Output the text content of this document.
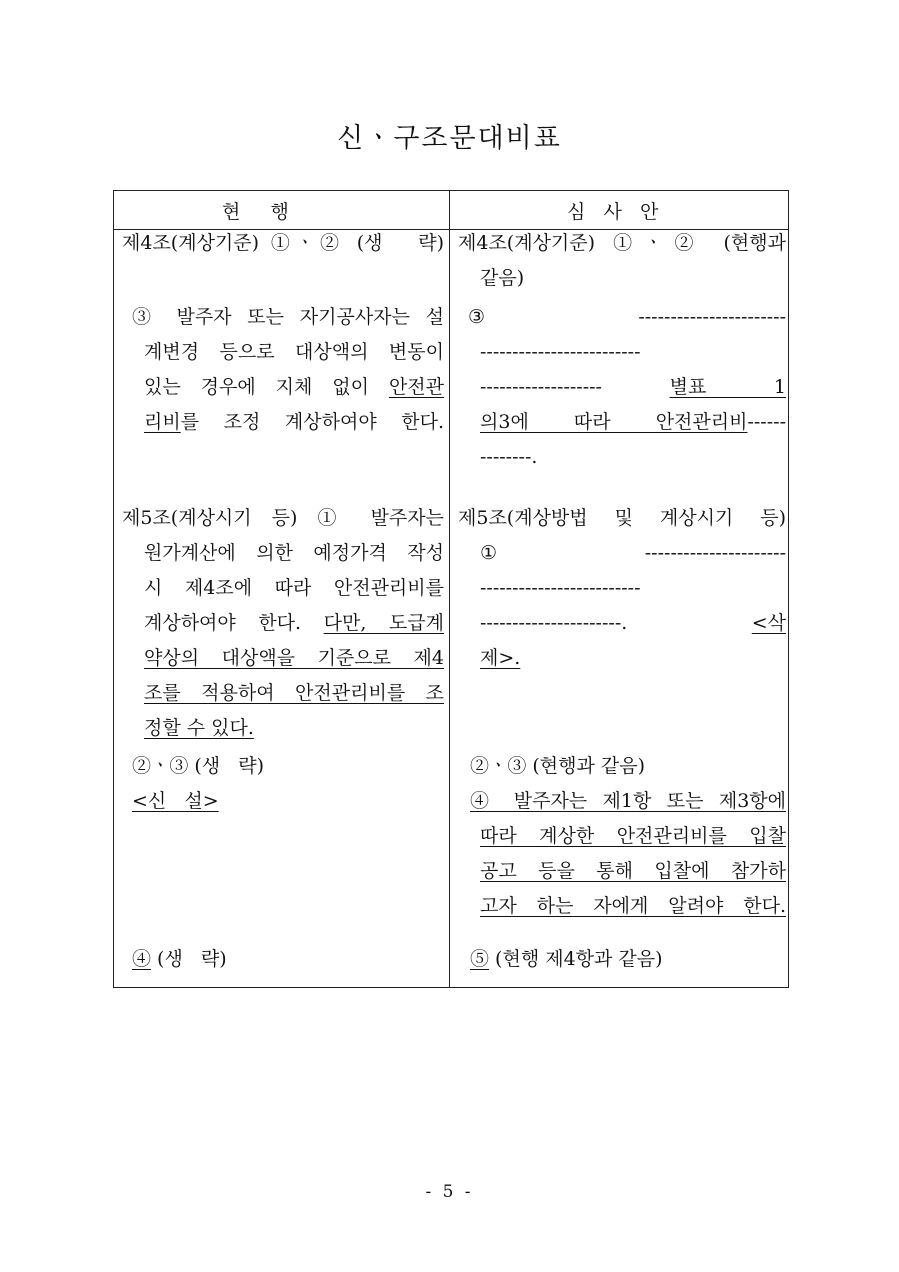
신ㆍ구조문대비표
현     행	심   사   안
제4조(계상기준) ①ㆍ② (생   략)
③ 발주자 또는 자기공사자는 설
계변경 등으로 대상액의 변동이
있는 경우에 지체 없이 안전관
리비를 조정 계상하여야 한다.
제5조(계상시기 등) ① 발주자는
원가계산에 의한 예정가격 작성
시 제4조에 따라 안전관리비를
계상하여야 한다. 다만, 도급계
약상의 대상액을 기준으로 제4
조를 적용하여 안전관리비를 조
정할 수 있다.
②ㆍ③ (생   략)
<신   설>
④ (생   략)
제4조(계상기준) ①ㆍ② (현행과
같음)
③ -----------------------
-------------------------
------------------- 별표 1
의3에 따라 안전관리비------
--------.
제5조(계상방법 및 계상시기 등)
① ----------------------
-------------------------
----------------------. <삭
제>.
②ㆍ③ (현행과 같음)
④ 발주자는 제1항 또는 제3항에
따라 계상한 안전관리비를 입찰
공고 등을 통해 입찰에 참가하
고자 하는 자에게 알려야 한다.
⑤ (현행 제4항과 같음)
- 5 -
